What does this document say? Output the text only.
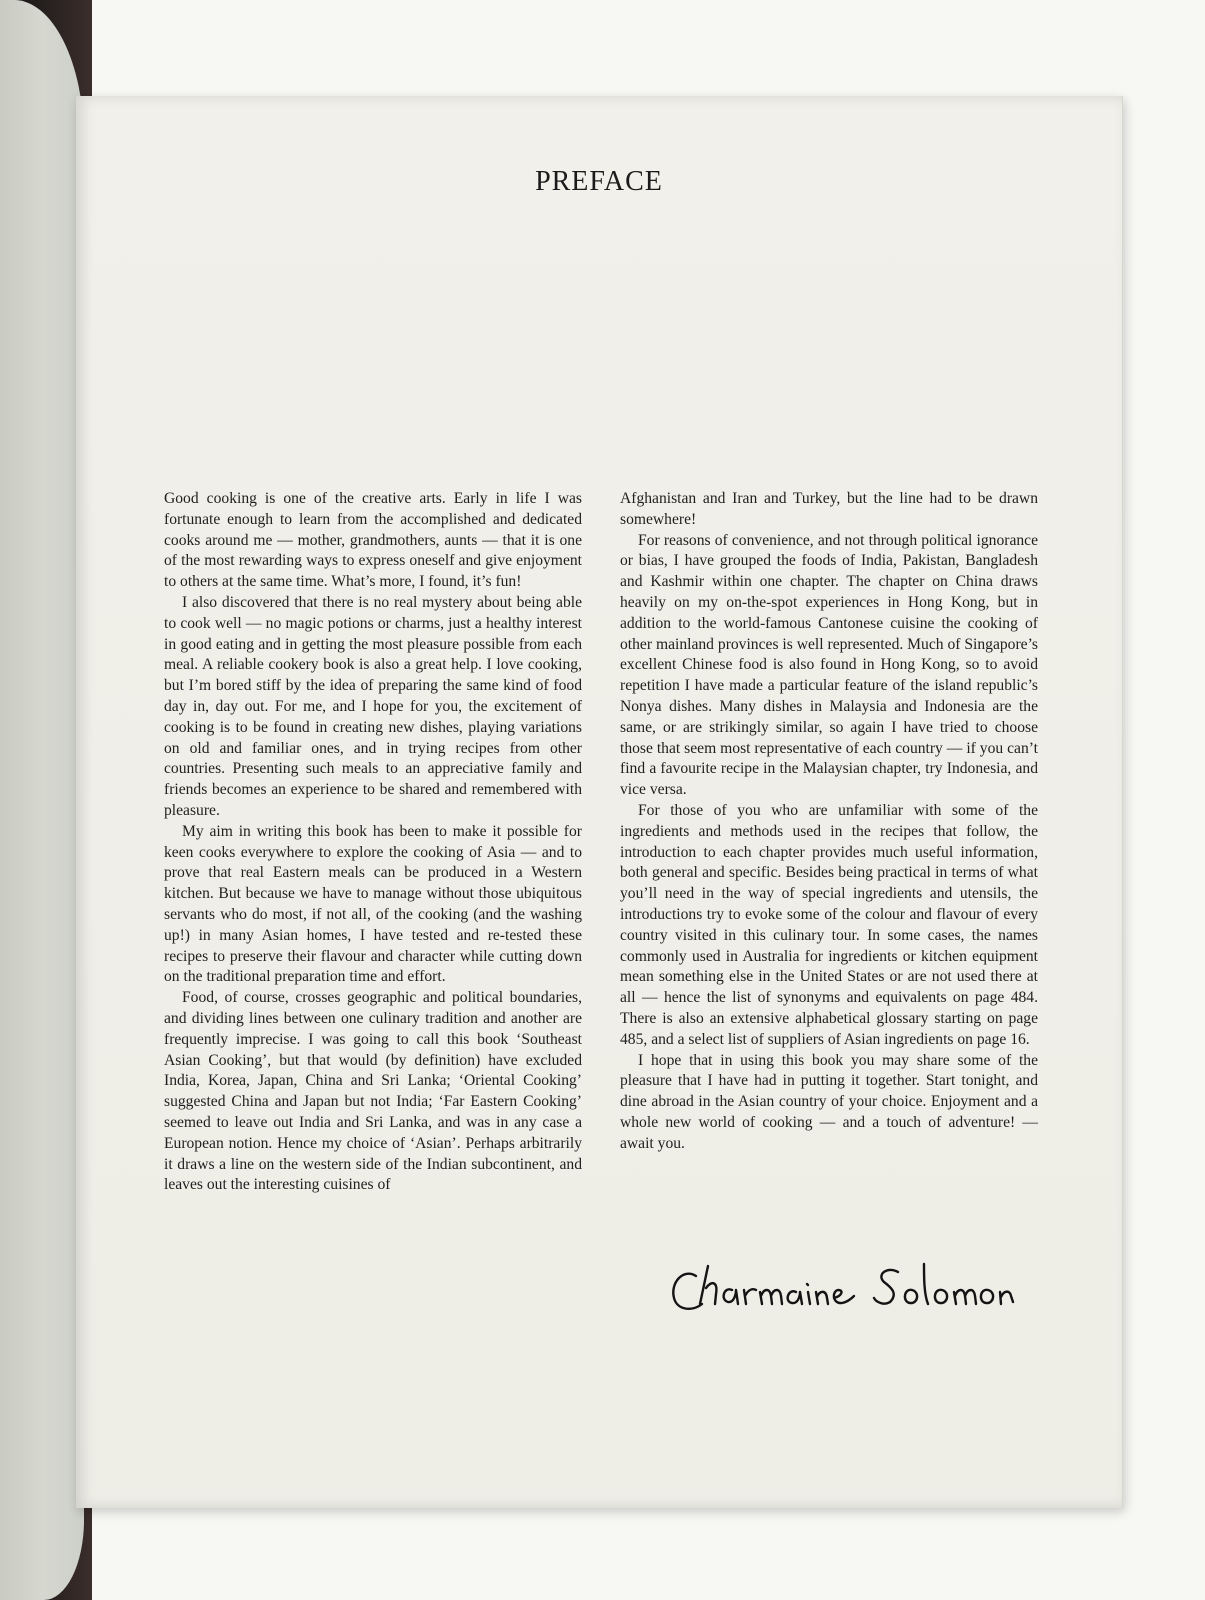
PREFACE

Good cooking is one of the creative arts. Early in life I was fortunate enough to learn from the accomplished and dedicated cooks around me — mother, grandmothers, aunts — that it is one of the most rewarding ways to express oneself and give enjoyment to others at the same time. What’s more, I found, it’s fun!

I also discovered that there is no real mystery about being able to cook well — no magic potions or charms, just a healthy interest in good eating and in getting the most pleasure possible from each meal. A reliable cookery book is also a great help. I love cooking, but I’m bored stiff by the idea of preparing the same kind of food day in, day out. For me, and I hope for you, the excitement of cooking is to be found in creating new dishes, playing variations on old and familiar ones, and in trying recipes from other countries. Presenting such meals to an appreciative family and friends becomes an experience to be shared and remembered with pleasure.

My aim in writing this book has been to make it possible for keen cooks everywhere to explore the cooking of Asia — and to prove that real Eastern meals can be produced in a Western kitchen. But because we have to manage without those ubiquitous servants who do most, if not all, of the cooking (and the washing up!) in many Asian homes, I have tested and re-tested these recipes to preserve their flavour and character while cutting down on the traditional preparation time and effort.

Food, of course, crosses geographic and political boundaries, and dividing lines between one culinary tradition and another are frequently imprecise. I was going to call this book ‘Southeast Asian Cooking’, but that would (by definition) have excluded India, Korea, Japan, China and Sri Lanka; ‘Oriental Cooking’ suggested China and Japan but not India; ‘Far Eastern Cooking’ seemed to leave out India and Sri Lanka, and was in any case a European notion. Hence my choice of ‘Asian’. Perhaps arbitrarily it draws a line on the western side of the Indian subcontinent, and leaves out the interesting cuisines of

Afghanistan and Iran and Turkey, but the line had to be drawn somewhere!

For reasons of convenience, and not through political ignorance or bias, I have grouped the foods of India, Pakistan, Bangladesh and Kashmir within one chapter. The chapter on China draws heavily on my on-the-spot experiences in Hong Kong, but in addition to the world-famous Cantonese cuisine the cooking of other mainland provinces is well represented. Much of Singapore’s excellent Chinese food is also found in Hong Kong, so to avoid repetition I have made a particular feature of the island republic’s Nonya dishes. Many dishes in Malaysia and Indonesia are the same, or are strikingly similar, so again I have tried to choose those that seem most representative of each country — if you can’t find a favourite recipe in the Malaysian chapter, try Indonesia, and vice versa.

For those of you who are unfamiliar with some of the ingredients and methods used in the recipes that follow, the introduction to each chapter provides much useful information, both general and specific. Besides being practical in terms of what you’ll need in the way of special ingredients and utensils, the introductions try to evoke some of the colour and flavour of every country visited in this culinary tour. In some cases, the names commonly used in Australia for ingredients or kitchen equipment mean something else in the United States or are not used there at all — hence the list of synonyms and equivalents on page 484. There is also an extensive alphabetical glossary starting on page 485, and a select list of suppliers of Asian ingredients on page 16.

I hope that in using this book you may share some of the pleasure that I have had in putting it together. Start tonight, and dine abroad in the Asian country of your choice. Enjoyment and a whole new world of cooking — and a touch of adventure! — await you.
